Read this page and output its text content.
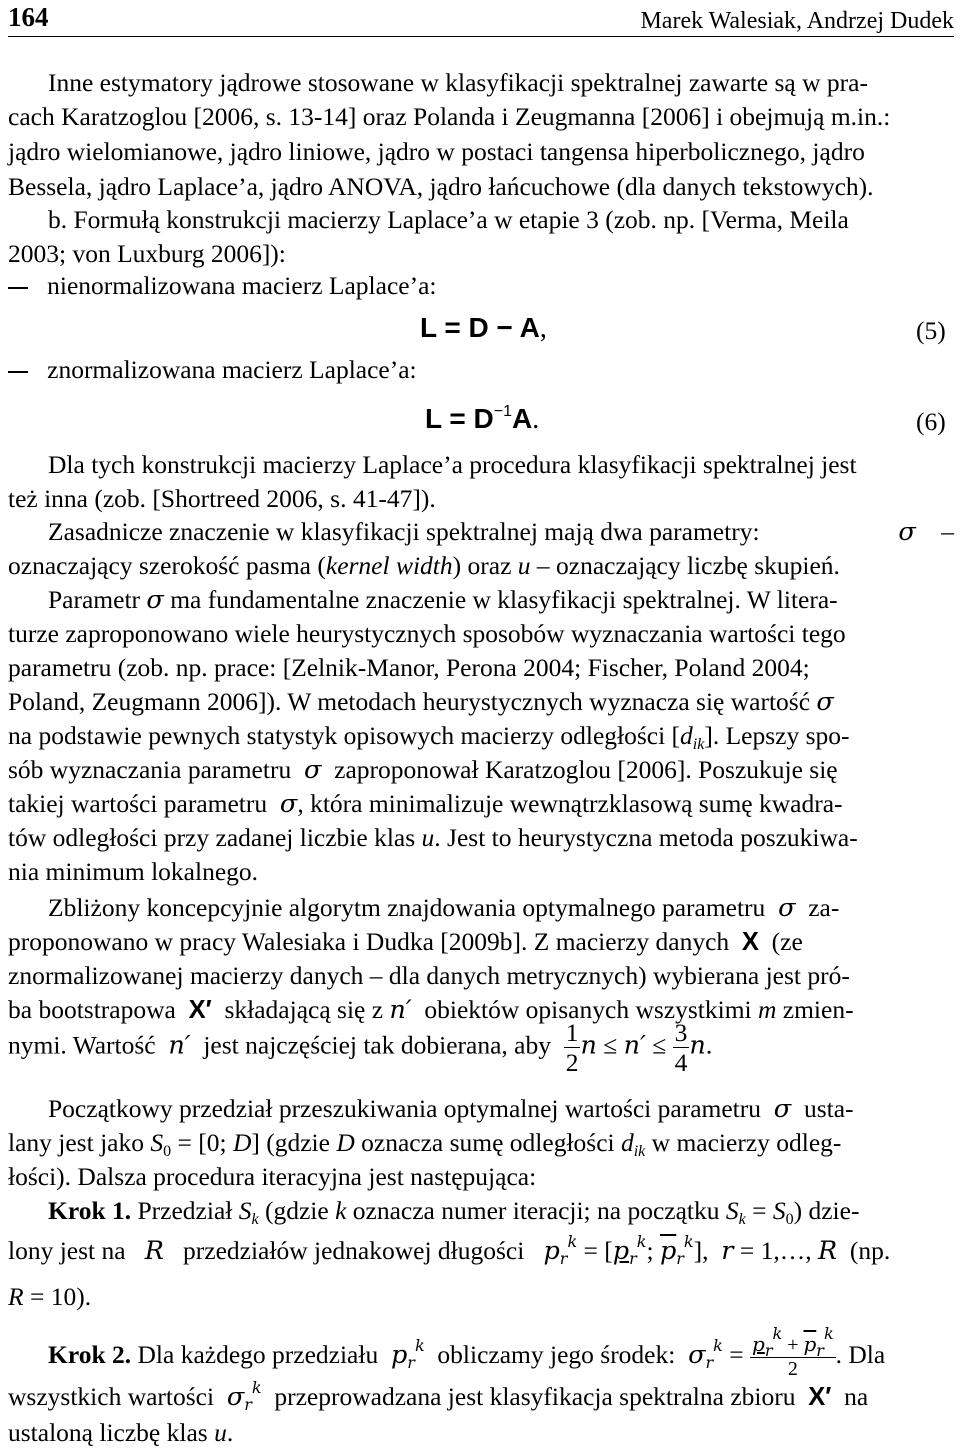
164	Marek Walesiak, Andrzej Dudek
Inne estymatory jądrowe stosowane w klasyfikacji spektralnej zawarte są w pra-
cach Karatzoglou [2006, s. 13-14] oraz Polanda i Zeugmanna [2006] i obejmują m.in.:
jądro wielomianowe, jądro liniowe, jądro w postaci tangensa hiperbolicznego, jądro
Bessela, jądro Laplace’a, jądro ANOVA, jądro łańcuchowe (dla danych tekstowych).
b. Formułą konstrukcji macierzy Laplace’a w etapie 3 (zob. np. [Verma, Meila
2003; von Luxburg 2006]):
nienormalizowana macierz Laplace’a:
L = D − A,	(5)
znormalizowana macierz Laplace’a:
$L = D^{-1}A$.	(6)
Dla tych konstrukcji macierzy Laplace’a procedura klasyfikacji spektralnej jest
też inna (zob. [Shortreed 2006, s. 41-47]).
Zasadnicze znaczenie w klasyfikacji spektralnej mają dwa parametry:	σ    –
oznaczający szerokość pasma (kernel width) oraz u – oznaczający liczbę skupień.
Parametr σ ma fundamentalne znaczenie w klasyfikacji spektralnej. W litera-
turze zaproponowano wiele heurystycznych sposobów wyznaczania wartości tego
parametru (zob. np. prace: [Zelnik-Manor, Perona 2004; Fischer, Poland 2004;
Poland, Zeugmann 2006]). W metodach heurystycznych wyznacza się wartość σ
na podstawie pewnych statystyk opisowych macierzy odległości $[d_{ik}]$. Lepszy spo-
sób wyznaczania parametru σ zaproponował Karatzoglou [2006]. Poszukuje się
takiej wartości parametru σ, która minimalizuje wewnątrzklasową sumę kwadra-
tów odległości przy zadanej liczbie klas u. Jest to heurystyczna metoda poszukiwa-
nia minimum lokalnego.
Zbliżony koncepcyjnie algorytm znajdowania optymalnego parametru σ za-
proponowano w pracy Walesiaka i Dudka [2009b]. Z macierzy danych X (ze
znormalizowanej macierzy danych – dla danych metrycznych) wybierana jest pró-
ba bootstrapowa X′ składającą się z n′ obiektów opisanych wszystkimi m zmien-
nymi. Wartość n′ jest najczęściej tak dobierana, aby $\frac{1}{2}$ $n \le n' \le \frac{3}{4} n$.
Początkowy przedział przeszukiwania optymalnej wartości parametru σ usta-
lany jest jako $S_0 = [0$; D] (gdzie D oznacza sumę odległości $d_{ik}$ w macierzy odleg-
łości). Dalsza procedura iteracyjna jest następująca:
Krok 1. Przedział $S_k$ (gdzie k oznacza numer iteracji; na początku $S_k = S_0$) dzie-
lony jest na R przedziałów jednakowej długości $p_r^k = [p_r^k$; $\overline{p}_r^k$],  r = 1,…, R (np.
R = 10).
Krok 2. Dla każdego przedziału $p_r^k$ obliczamy jego środek: $\sigma_r^k = \frac{p_r^k + \overline{p}_r^k}{2}$ . Dla
wszystkich wartości $\sigma_r^k$ przeprowadzana jest klasyfikacja spektralna zbioru X′ na
ustaloną liczbę klas u.
